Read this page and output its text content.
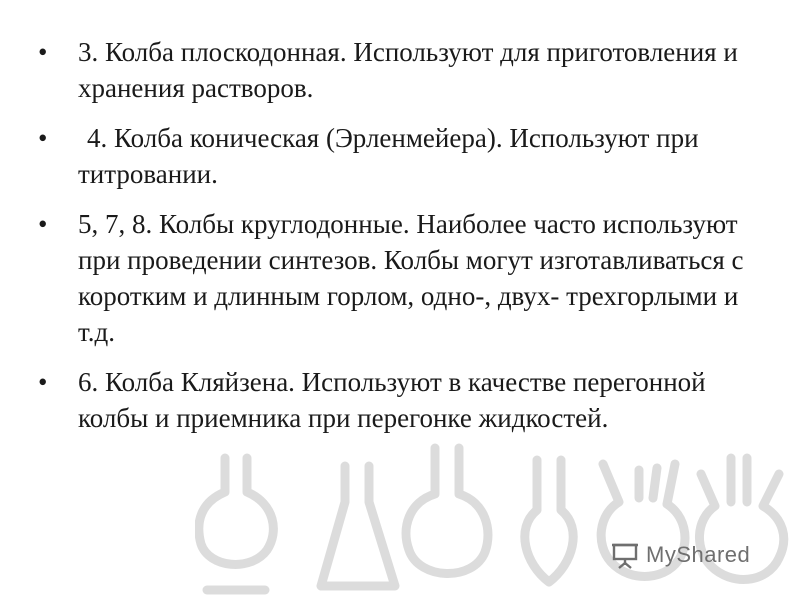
• 3. Колба плоскодонная. Используют для приготовления и хранения растворов.
• 4. Колба коническая (Эрленмейера). Используют при титровании.
• 5, 7, 8. Колбы круглодонные. Наиболее часто используют при проведении синтезов. Колбы могут изготавливаться с коротким и длинным горлом, одно-, двух- трехгорлыми и т.д.
• 6. Колба Кляйзена. Используют в качестве перегонной колбы и приемника при перегонке жидкостей.
MyShared
